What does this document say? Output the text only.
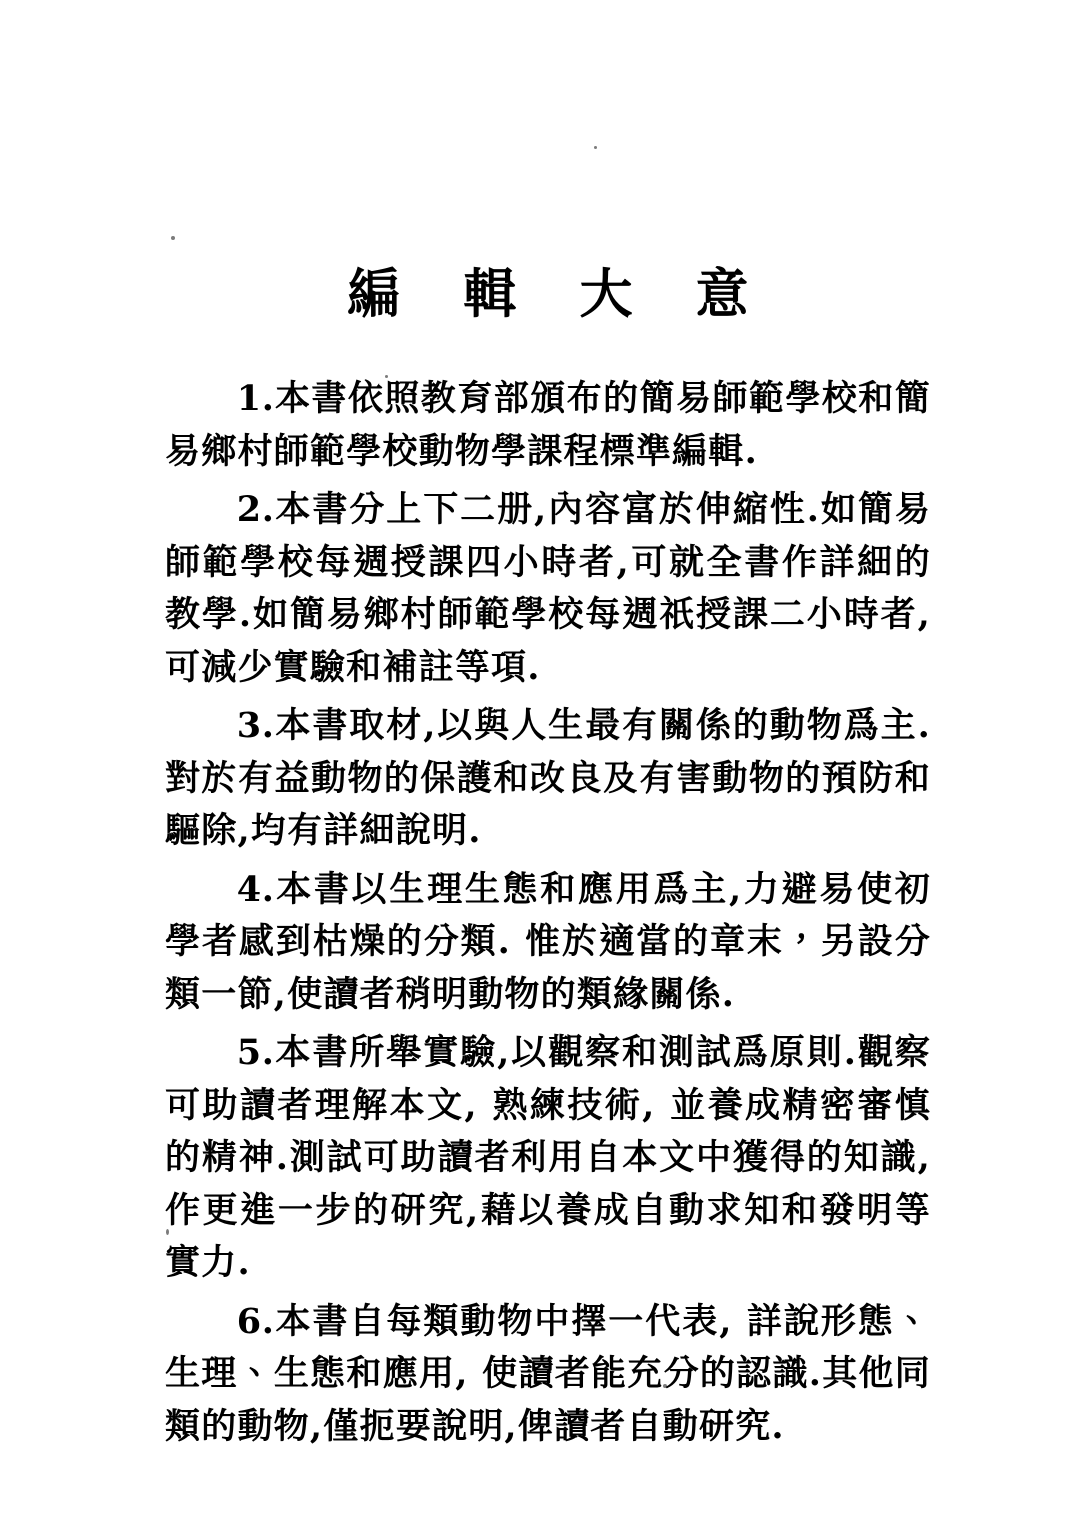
編 輯 大 意

1.本書依照教育部頒布的簡易師範學校和簡易鄉村師範學校動物學課程標準編輯.

2.本書分上下二册,內容富於伸縮性.如簡易師範學校每週授課四小時者,可就全書作詳細的教學.如簡易鄉村師範學校每週祇授課二小時者,可減少實驗和補註等項.

3.本書取材,以與人生最有關係的動物爲主.對於有益動物的保護和改良及有害動物的預防和驅除,均有詳細說明.

4.本書以生理生態和應用爲主,力避易使初學者感到枯燥的分類. 惟於適當的章末，另設分類一節,使讀者稍明動物的類緣關係.

5.本書所舉實驗,以觀察和測試爲原則.觀察可助讀者理解本文, 熟練技術, 並養成精密審慎的精神.測試可助讀者利用自本文中獲得的知識,作更進一步的研究,藉以養成自動求知和發明等實力.

6.本書自每類動物中擇一代表, 詳說形態、生理、生態和應用, 使讀者能充分的認識.其他同類的動物,僅扼要說明,俾讀者自動研究.
